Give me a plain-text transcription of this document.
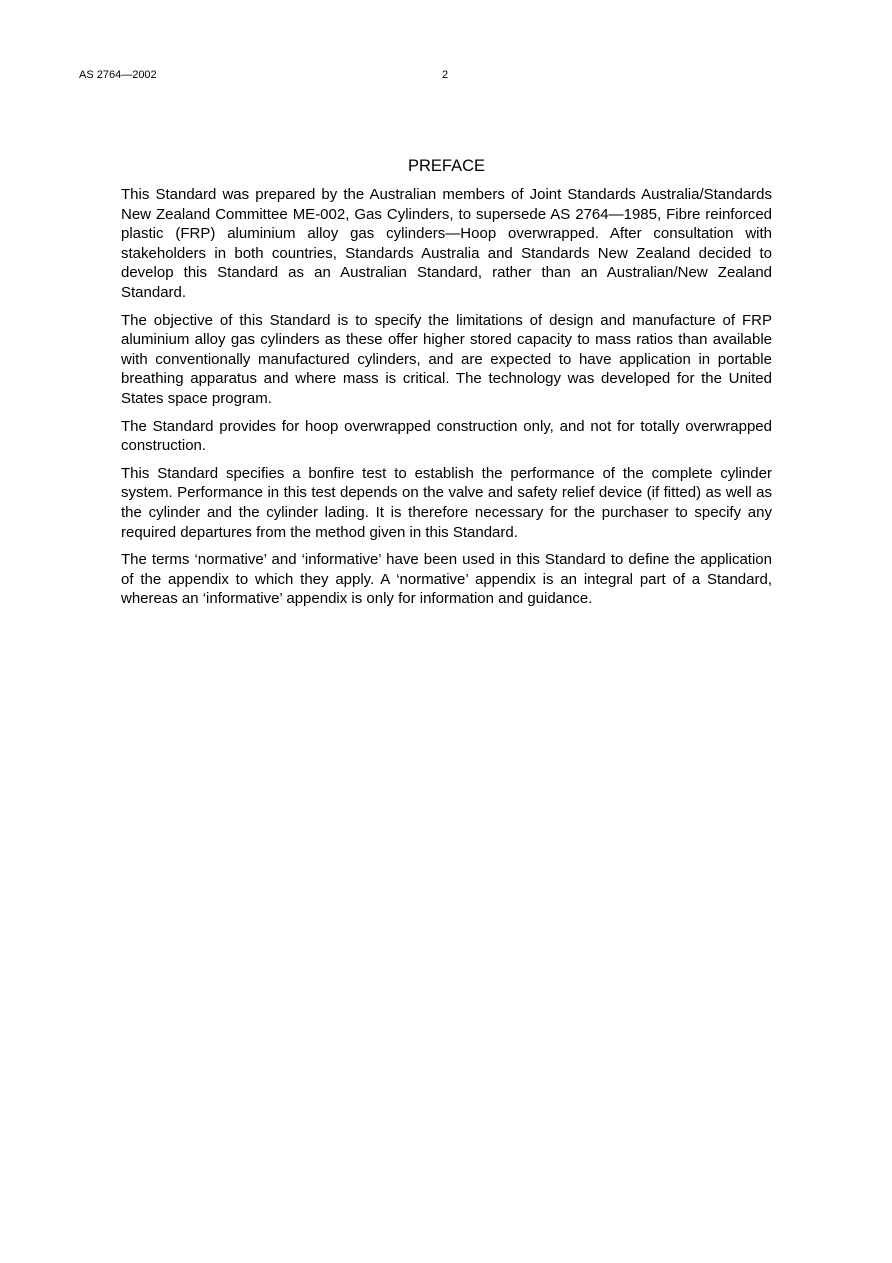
AS 2764—2002	2
PREFACE

This Standard was prepared by the Australian members of Joint Standards Australia/Standards New Zealand Committee ME-002, Gas Cylinders, to supersede AS 2764—1985, Fibre reinforced plastic (FRP) aluminium alloy gas cylinders—Hoop overwrapped. After consultation with stakeholders in both countries, Standards Australia and Standards New Zealand decided to develop this Standard as an Australian Standard, rather than an Australian/New Zealand Standard.

The objective of this Standard is to specify the limitations of design and manufacture of FRP aluminium alloy gas cylinders as these offer higher stored capacity to mass ratios than available with conventionally manufactured cylinders, and are expected to have application in portable breathing apparatus and where mass is critical. The technology was developed for the United States space program.

The Standard provides for hoop overwrapped construction only, and not for totally overwrapped construction.

This Standard specifies a bonfire test to establish the performance of the complete cylinder system. Performance in this test depends on the valve and safety relief device (if fitted) as well as the cylinder and the cylinder lading. It is therefore necessary for the purchaser to specify any required departures from the method given in this Standard.

The terms ‘normative’ and ‘informative’ have been used in this Standard to define the application of the appendix to which they apply. A ‘normative’ appendix is an integral part of a Standard, whereas an ‘informative’ appendix is only for information and guidance.
